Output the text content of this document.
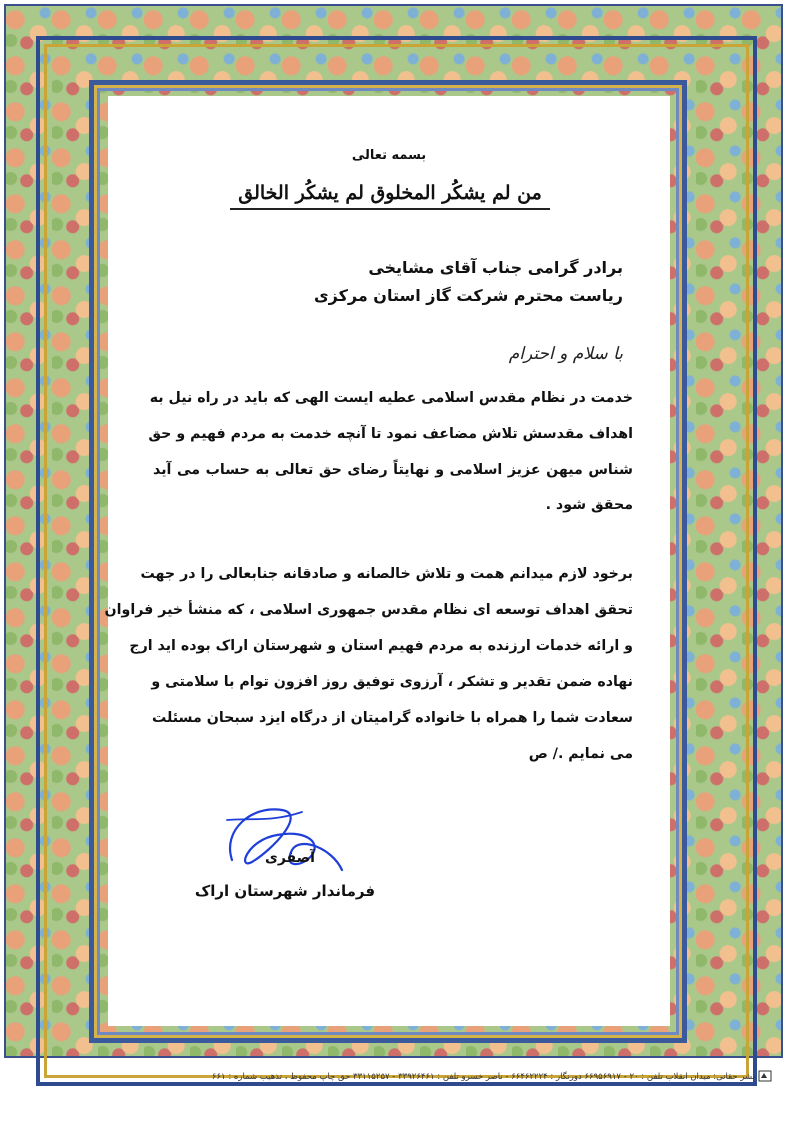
بسمه تعالی
من لم یشکُر المخلوق لم یشکُر الخالق
برادر گرامی جناب آقای مشایخی
ریاست محترم شرکت گاز استان مرکزی
با سلام و احترام
خدمت در نظام مقدس اسلامی عطیه ایست الهی که باید در راه نیل به
اهداف مقدسش تلاش مضاعف نمود تا آنچه خدمت به مردم فهیم و حق
شناس میهن عزیز اسلامی و نهایتاً رضای حق تعالی به حساب می آید
محقق شود .
برخود لازم میدانم همت و تلاش خالصانه و صادقانه جنابعالی را در جهت
تحقق اهداف توسعه ای نظام مقدس جمهوری اسلامی ، که منشأ خیر فراوان
و ارائه خدمات ارزنده به مردم فهیم استان و شهرستان اراک بوده اید ارج
نهاده ضمن تقدیر و تشکر ، آرزوی توفیق روز افزون توام با سلامتی و
سعادت شما را همراه با خانواده گرامیتان از درگاه ایزد سبحان مسئلت
می نمایم ./ ص
آصفری
فرماندار شهرستان اراک
نشر حقانی: میدان انقلاب تلفن : ۲۰ - ۶۶۹۵۶۹۱۷ دورنگار : ۶۶۴۶۲۲۲۴ - ناصر خسرو تلفن : ۳۳۹۲۶۴۶۱ - ۳۳۱۱۵۲۵۷ حق چاپ محفوظ ، تذهیب شماره : ۶۶۱
